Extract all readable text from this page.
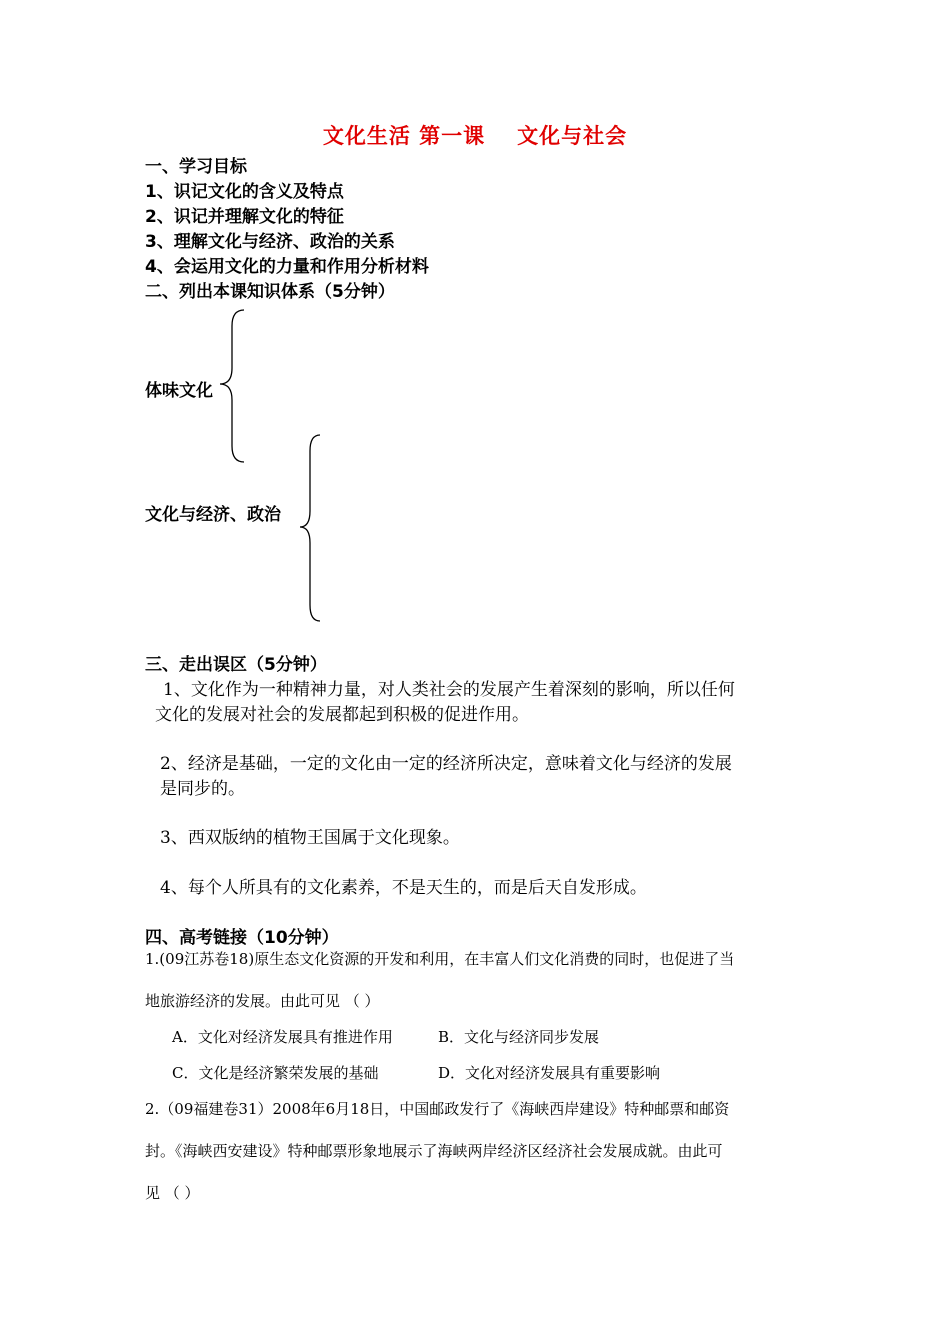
文化生活 第一课 文化与社会
一、学习目标
1、识记文化的含义及特点
2、识记并理解文化的特征
3、理解文化与经济、政治的关系
4、会运用文化的力量和作用分析材料
二、列出本课知识体系（5分钟）
体味文化
文化与经济、政治
三、走出误区（5分钟）
1、文化作为一种精神力量，对人类社会的发展产生着深刻的影响，所以任何
文化的发展对社会的发展都起到积极的促进作用。
2、经济是基础，一定的文化由一定的经济所决定，意味着文化与经济的发展
是同步的。
3、西双版纳的植物王国属于文化现象。
4、每个人所具有的文化素养，不是天生的，而是后天自发形成。
四、高考链接（10分钟）
1.(09江苏卷18)原生态文化资源的开发和利用，在丰富人们文化消费的同时，也促进了当
地旅游经济的发展。由此可见 （ ）
A．文化对经济发展具有推进作用	B．文化与经济同步发展
C．文化是经济繁荣发展的基础	D．文化对经济发展具有重要影响
2.（09福建卷31）2008年6月18日，中国邮政发行了《海峡西岸建设》特种邮票和邮资
封。《海峡西安建设》特种邮票形象地展示了海峡两岸经济区经济社会发展成就。由此可
见 （ ）
